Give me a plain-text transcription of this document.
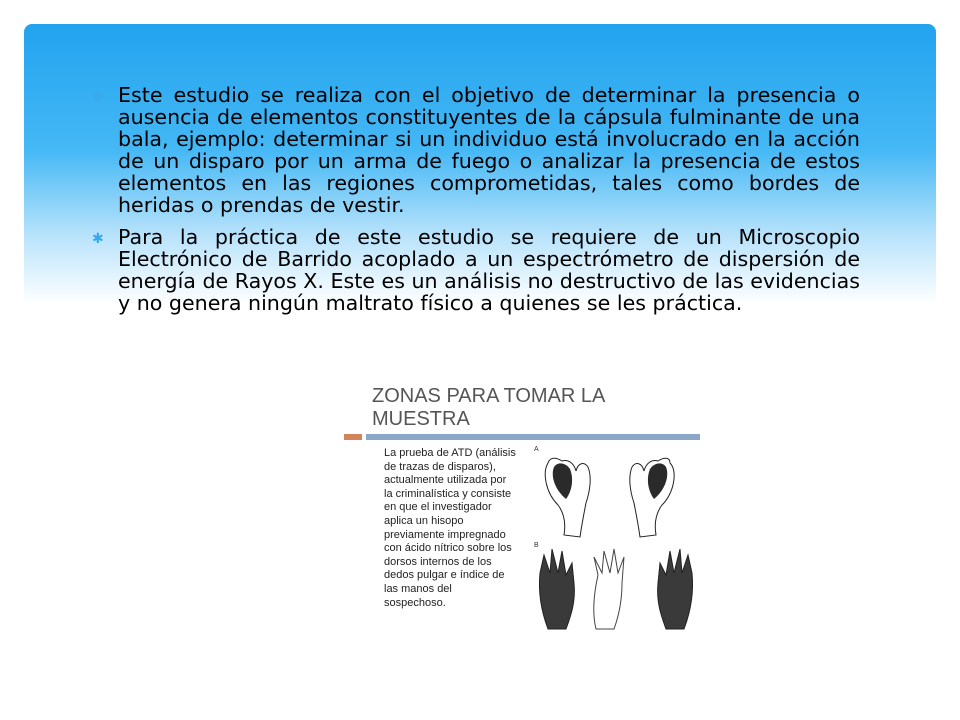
✱ Este estudio se realiza con el objetivo de determinar la presencia o ausencia de elementos constituyentes de la cápsula fulminante de una bala, ejemplo: determinar si un individuo está involucrado en la acción de un disparo por un arma de fuego o analizar la presencia de estos elementos en las regiones comprometidas, tales como bordes de heridas o prendas de vestir.
✱ Para la práctica de este estudio se requiere de un Microscopio Electrónico de Barrido acoplado a un espectrómetro de dispersión de energía de Rayos X. Este es un análisis no destructivo de las evidencias y no genera ningún maltrato físico a quienes se les práctica.
ZONAS PARA TOMAR LA
MUESTRA
La prueba de ATD (análisis de trazas de disparos), actualmente utilizada por la criminalística y consiste en que el investigador aplica un hisopo previamente impregnado con ácido nítrico sobre los dorsos internos de los dedos pulgar e índice de las manos del sospechoso.
A
B
